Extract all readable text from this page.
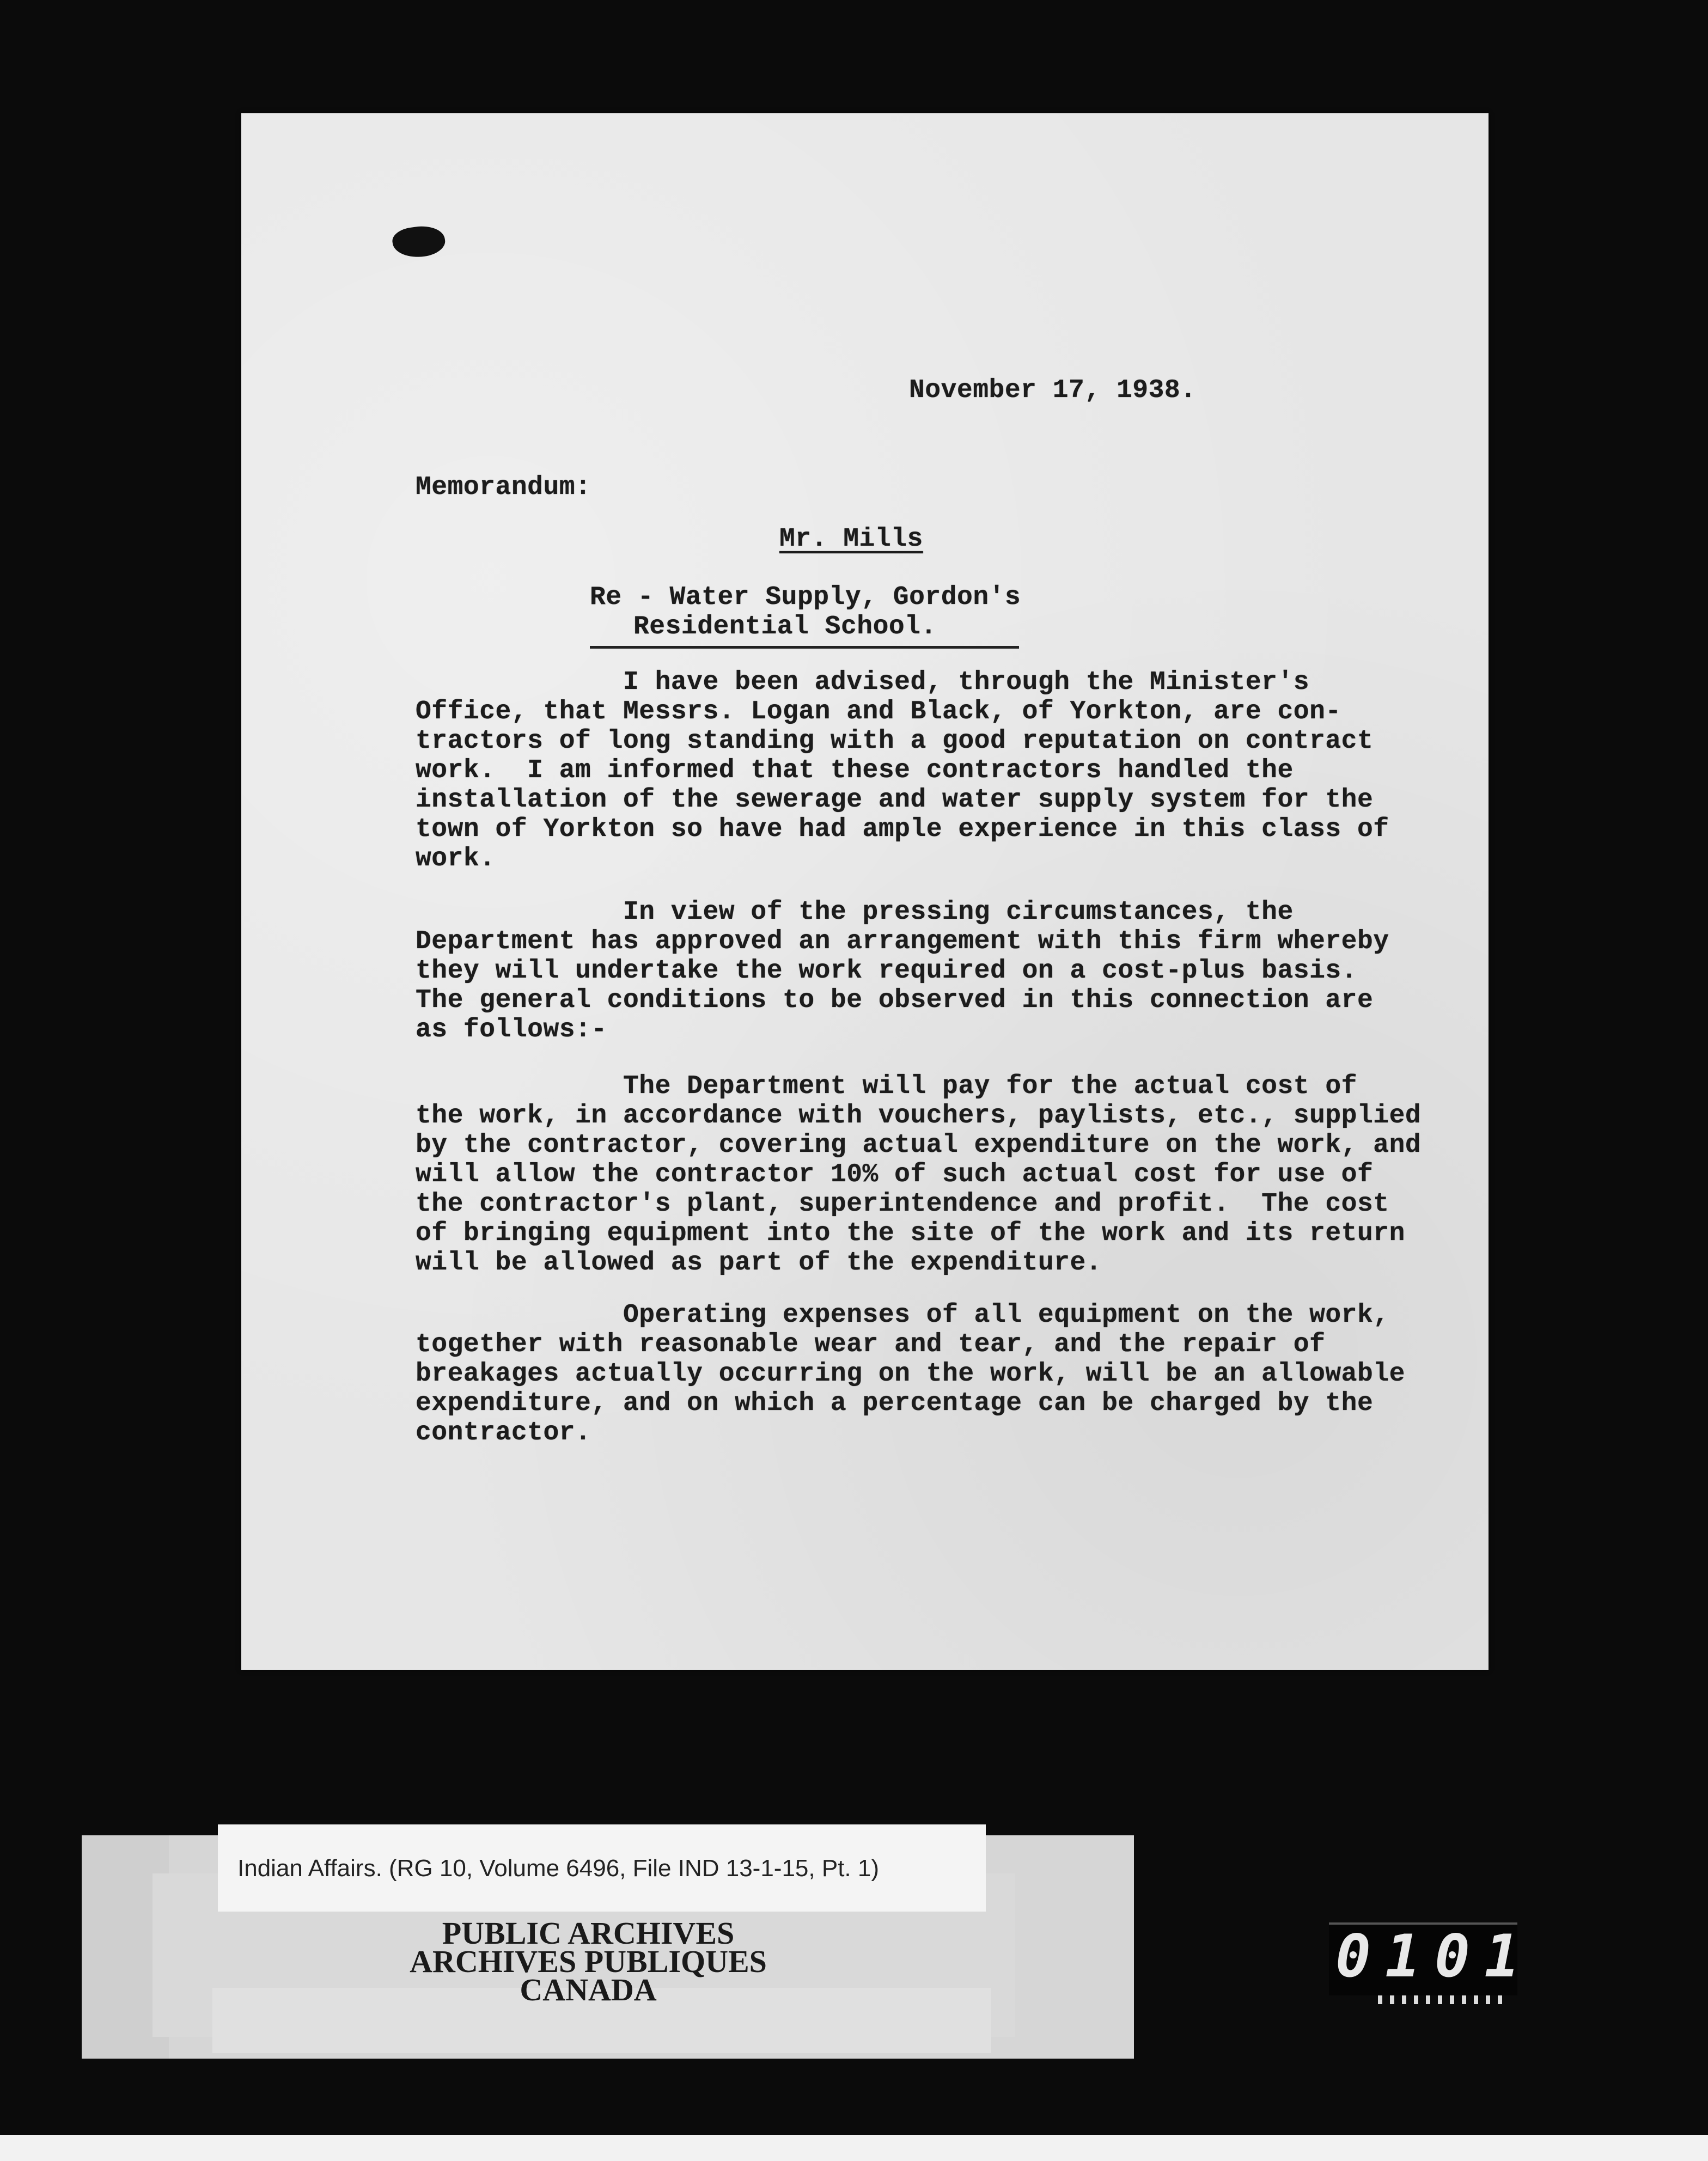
November 17, 1938.

Memorandum:

Mr. Mills

Re - Water Supply, Gordon's
Residential School.

I have been advised, through the Minister's
Office, that Messrs. Logan and Black, of Yorkton, are con-
tractors of long standing with a good reputation on contract
work.  I am informed that these contractors handled the
installation of the sewerage and water supply system for the
town of Yorkton so have had ample experience in this class of
work.

In view of the pressing circumstances, the
Department has approved an arrangement with this firm whereby
they will undertake the work required on a cost-plus basis.
The general conditions to be observed in this connection are
as follows:-

The Department will pay for the actual cost of
the work, in accordance with vouchers, paylists, etc., supplied
by the contractor, covering actual expenditure on the work, and
will allow the contractor 10% of such actual cost for use of
the contractor's plant, superintendence and profit.  The cost
of bringing equipment into the site of the work and its return
will be allowed as part of the expenditure.

Operating expenses of all equipment on the work,
together with reasonable wear and tear, and the repair of
breakages actually occurring on the work, will be an allowable
expenditure, and on which a percentage can be charged by the
contractor.

Indian Affairs. (RG 10, Volume 6496, File IND 13-1-15, Pt. 1)

PUBLIC ARCHIVES
ARCHIVES PUBLIQUES
CANADA	0101
